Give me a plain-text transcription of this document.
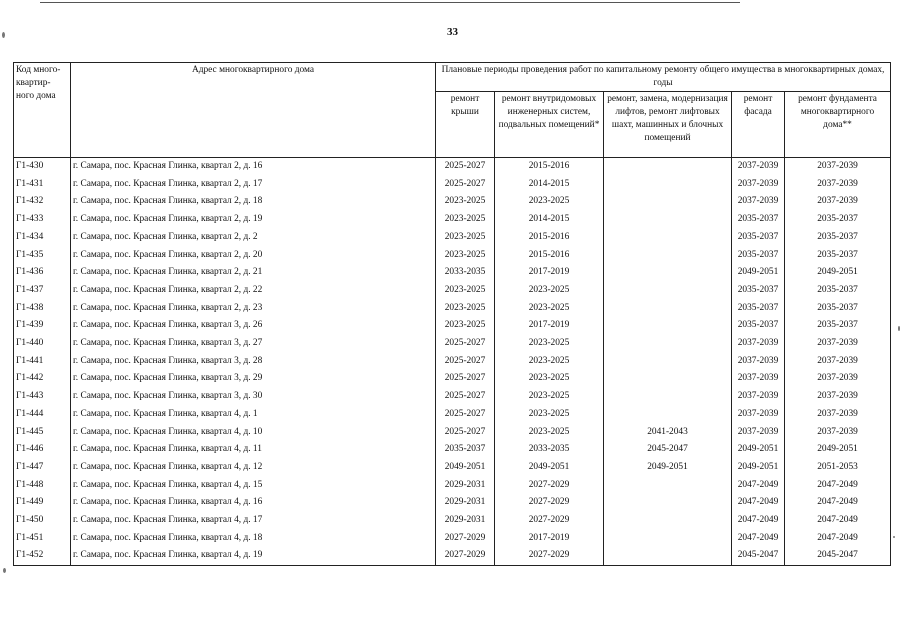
33
Код много-квартир-ного дома	Адрес многоквартирного дома	Плановые периоды проведения работ по капитальному ремонту общего имущества в многоквартирных домах, годы				
		ремонт крыши	ремонт внутридомовых инженерных систем, подвальных помещений*	ремонт, замена, модернизация лифтов, ремонт лифтовых шахт, машинных и блочных помещений	ремонт фасада	ремонт фундамента многоквартирного дома**
Г1-430	г. Самара, пос. Красная Глинка, квартал 2, д. 16	2025-2027	2015-2016		2037-2039	2037-2039
Г1-431	г. Самара, пос. Красная Глинка, квартал 2, д. 17	2025-2027	2014-2015		2037-2039	2037-2039
Г1-432	г. Самара, пос. Красная Глинка, квартал 2, д. 18	2023-2025	2023-2025		2037-2039	2037-2039
Г1-433	г. Самара, пос. Красная Глинка, квартал 2, д. 19	2023-2025	2014-2015		2035-2037	2035-2037
Г1-434	г. Самара, пос. Красная Глинка, квартал 2, д. 2	2023-2025	2015-2016		2035-2037	2035-2037
Г1-435	г. Самара, пос. Красная Глинка, квартал 2, д. 20	2023-2025	2015-2016		2035-2037	2035-2037
Г1-436	г. Самара, пос. Красная Глинка, квартал 2, д. 21	2033-2035	2017-2019		2049-2051	2049-2051
Г1-437	г. Самара, пос. Красная Глинка, квартал 2, д. 22	2023-2025	2023-2025		2035-2037	2035-2037
Г1-438	г. Самара, пос. Красная Глинка, квартал 2, д. 23	2023-2025	2023-2025		2035-2037	2035-2037
Г1-439	г. Самара, пос. Красная Глинка, квартал 3, д. 26	2023-2025	2017-2019		2035-2037	2035-2037
Г1-440	г. Самара, пос. Красная Глинка, квартал 3, д. 27	2025-2027	2023-2025		2037-2039	2037-2039
Г1-441	г. Самара, пос. Красная Глинка, квартал 3, д. 28	2025-2027	2023-2025		2037-2039	2037-2039
Г1-442	г. Самара, пос. Красная Глинка, квартал 3, д. 29	2025-2027	2023-2025		2037-2039	2037-2039
Г1-443	г. Самара, пос. Красная Глинка, квартал 3, д. 30	2025-2027	2023-2025		2037-2039	2037-2039
Г1-444	г. Самара, пос. Красная Глинка, квартал 4, д. 1	2025-2027	2023-2025		2037-2039	2037-2039
Г1-445	г. Самара, пос. Красная Глинка, квартал 4, д. 10	2025-2027	2023-2025	2041-2043	2037-2039	2037-2039
Г1-446	г. Самара, пос. Красная Глинка, квартал 4, д. 11	2035-2037	2033-2035	2045-2047	2049-2051	2049-2051
Г1-447	г. Самара, пос. Красная Глинка, квартал 4, д. 12	2049-2051	2049-2051	2049-2051	2049-2051	2051-2053
Г1-448	г. Самара, пос. Красная Глинка, квартал 4, д. 15	2029-2031	2027-2029		2047-2049	2047-2049
Г1-449	г. Самара, пос. Красная Глинка, квартал 4, д. 16	2029-2031	2027-2029		2047-2049	2047-2049
Г1-450	г. Самара, пос. Красная Глинка, квартал 4, д. 17	2029-2031	2027-2029		2047-2049	2047-2049
Г1-451	г. Самара, пос. Красная Глинка, квартал 4, д. 18	2027-2029	2017-2019		2047-2049	2047-2049
Г1-452	г. Самара, пос. Красная Глинка, квартал 4, д. 19	2027-2029	2027-2029		2045-2047	2045-2047
